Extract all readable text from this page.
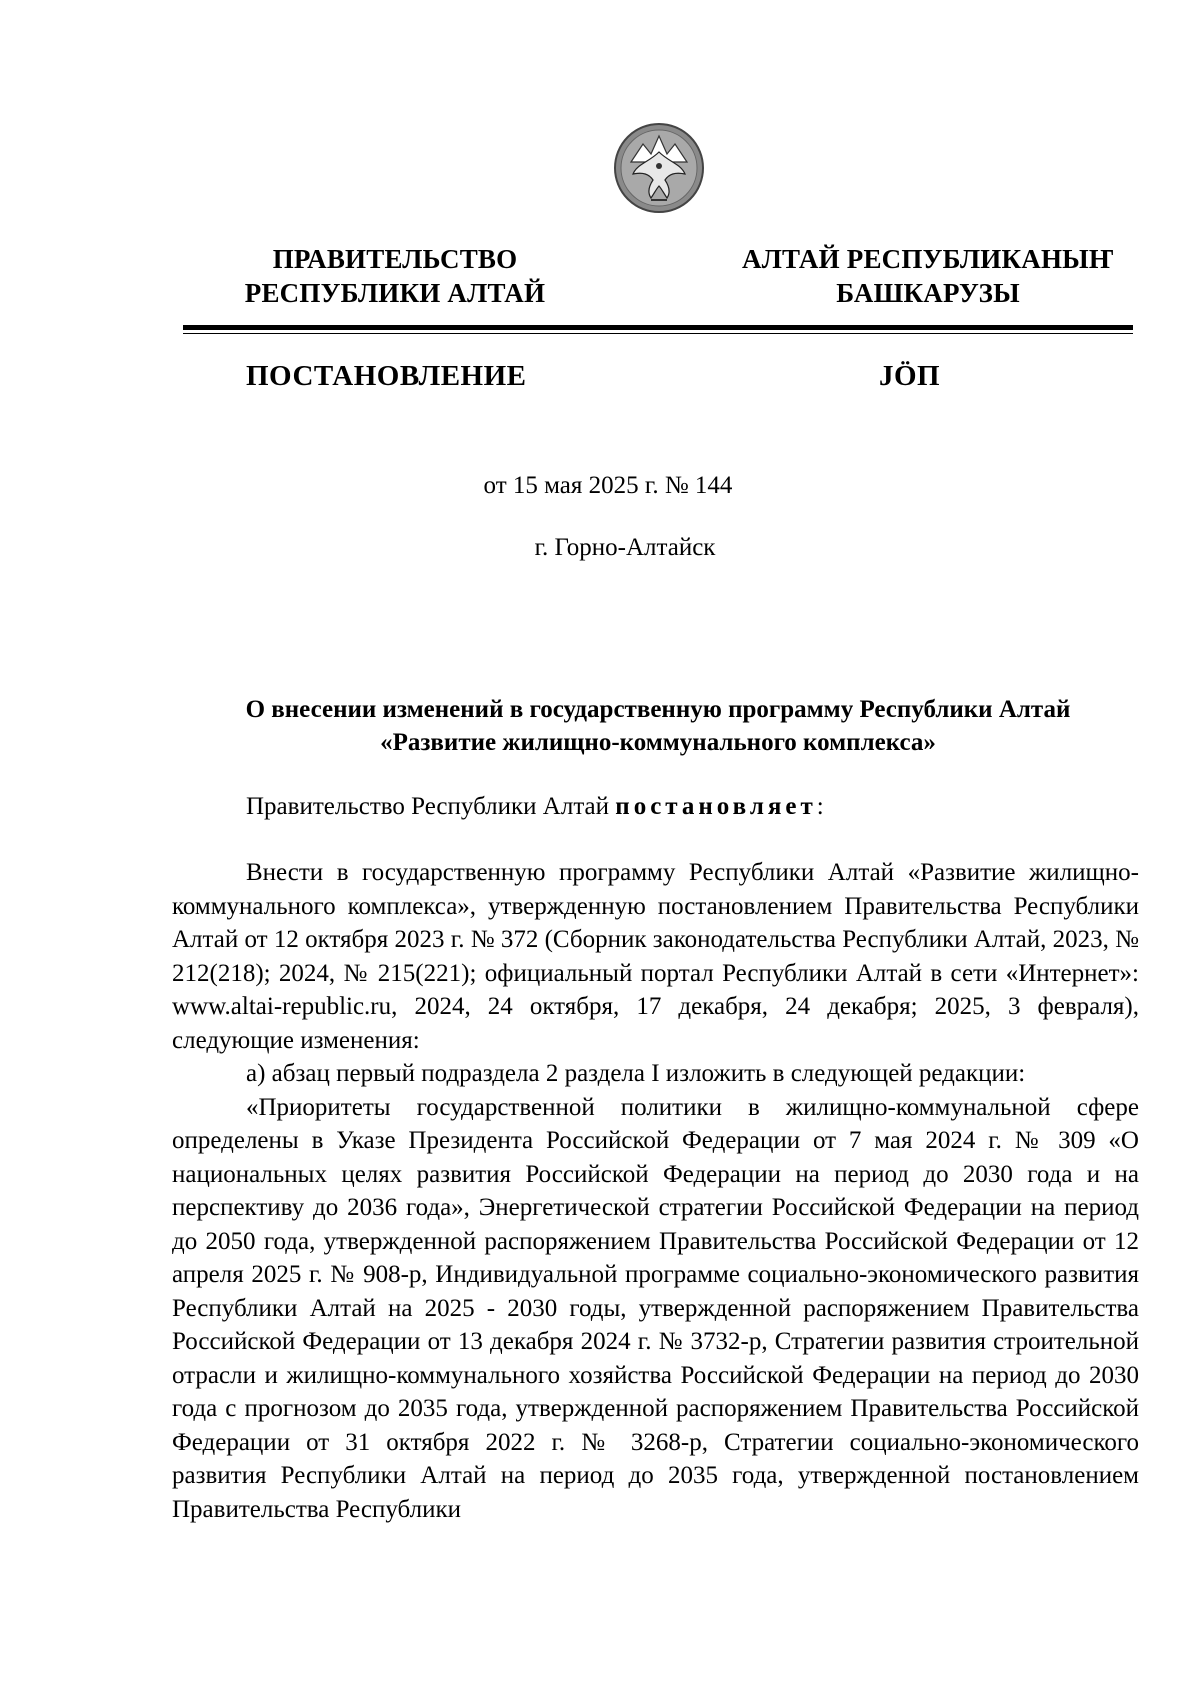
ПРАВИТЕЛЬСТВО
РЕСПУБЛИКИ АЛТАЙ
АЛТАЙ РЕСПУБЛИКАНЫҤ
БАШКАРУЗЫ
ПОСТАНОВЛЕНИЕ	JӦП
от 15 мая 2025 г. № 144
г. Горно-Алтайск
О внесении изменений в государственную программу Республики Алтай
«Развитие жилищно-коммунального комплекса»
Правительство Республики Алтай постановляет:

Внести в государственную программу Республики Алтай «Развитие жилищно-коммунального комплекса», утвержденную постановлением Правительства Республики Алтай от 12 октября 2023 г. № 372 (Сборник законодательства Республики Алтай, 2023, № 212(218); 2024, № 215(221); официальный портал Республики Алтай в сети «Интернет»: www.altai-republic.ru, 2024, 24 октября, 17 декабря, 24 декабря; 2025, 3 февраля), следующие изменения:

а) абзац первый подраздела 2 раздела I изложить в следующей редакции:

«Приоритеты государственной политики в жилищно-коммунальной сфере определены в Указе Президента Российской Федерации от 7 мая 2024 г. № 309 «О национальных целях развития Российской Федерации на период до 2030 года и на перспективу до 2036 года», Энергетической стратегии Российской Федерации на период до 2050 года, утвержденной распоряжением Правительства Российской Федерации от 12 апреля 2025 г. № 908-р, Индивидуальной программе социально-экономического развития Республики Алтай на 2025 - 2030 годы, утвержденной распоряжением Правительства Российской Федерации от 13 декабря 2024 г. № 3732-р, Стратегии развития строительной отрасли и жилищно-коммунального хозяйства Российской Федерации на период до 2030 года с прогнозом до 2035 года, утвержденной распоряжением Правительства Российской Федерации от 31 октября 2022 г. № 3268-р, Стратегии социально-экономического развития Республики Алтай на период до 2035 года, утвержденной постановлением Правительства Республики
